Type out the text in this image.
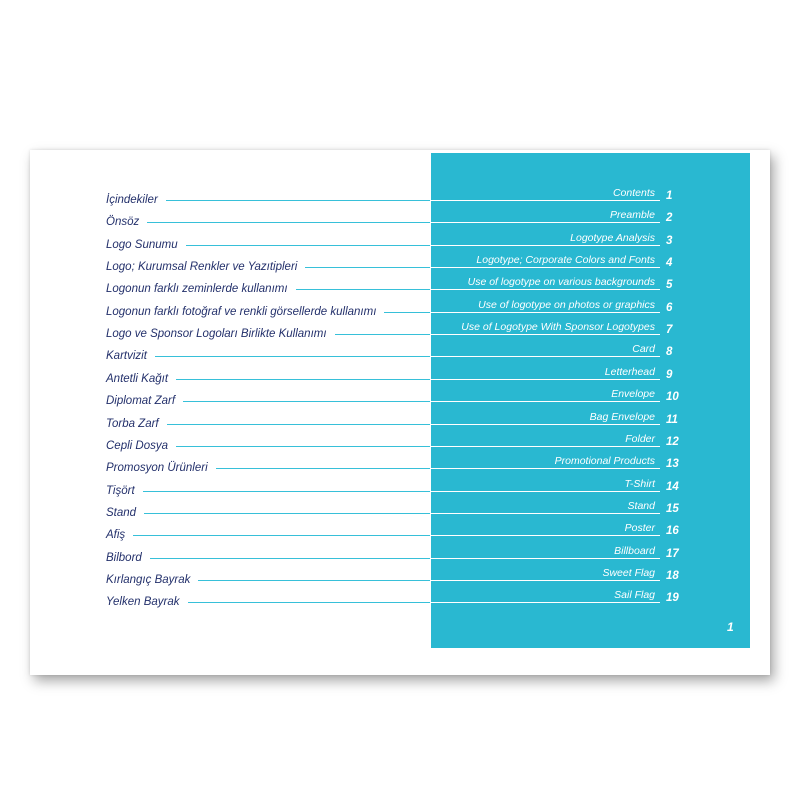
İçindekiler
Contents 1
Önsöz
Preamble 2
Logo Sunumu
Logotype Analysis 3
Logo; Kurumsal Renkler ve Yazıtipleri
Logotype; Corporate Colors and Fonts 4
Logonun farklı zeminlerde kullanımı
Use of logotype on various backgrounds 5
Logonun farklı fotoğraf ve renkli görsellerde kullanımı
Use of logotype on photos or graphics 6
Logo ve Sponsor Logoları Birlikte Kullanımı
Use of Logotype With Sponsor Logotypes 7
Kartvizit
Card 8
Antetli Kağıt
Letterhead 9
Diplomat Zarf
Envelope 10
Torba Zarf
Bag Envelope 11
Cepli Dosya
Folder 12
Promosyon Ürünleri
Promotional Products 13
Tişört
T-Shirt 14
Stand
Stand 15
Afiş
Poster 16
Bilbord
Billboard 17
Kırlangıç Bayrak
Sweet Flag 18
Yelken Bayrak
Sail Flag 19
1
